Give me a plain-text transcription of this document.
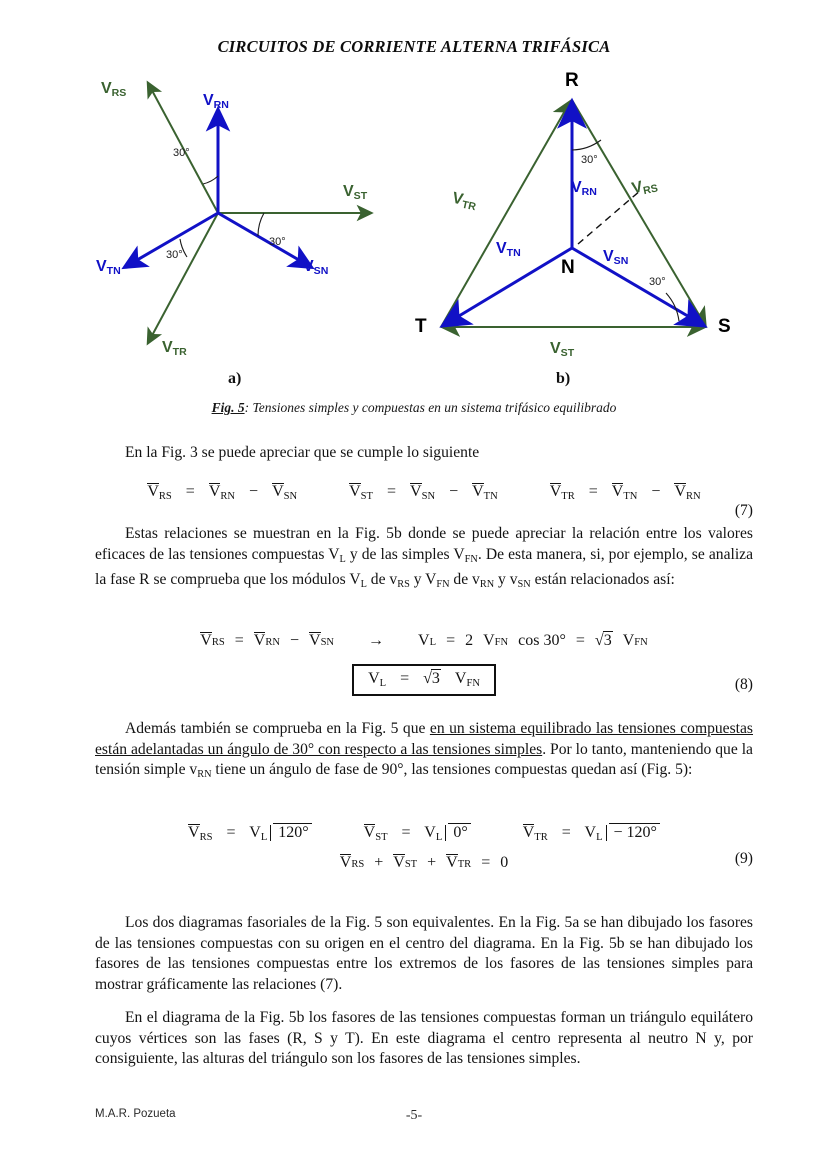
CIRCUITOS DE CORRIENTE ALTERNA TRIFÁSICA
30°
30°
30°
30°
30°
$V_{RS}$	$V_{RN}$
$V_{ST}$
$V_{SN}$
$V_{TN}$
$V_{TR}$
R
S
T
N
$V_{RS}$
$V_{ST}$
$V_{TR}$
$V_{RN}$
$V_{SN}$
$V_{TN}$
a)	b)
Fig. 5: Tensiones simples y compuestas en un sistema trifásico equilibrado
En la Fig. 3 se puede apreciar que se cumple lo siguiente
$V_{RS} = V_{RN} - V_{SN}$	$V_{ST} = V_{SN} - V_{TN}$	$V_{TR} = V_{TN} - V_{RN}$
(7)
Estas relaciones se muestran en la Fig. 5b donde se puede apreciar la relación entre los valores eficaces de las tensiones compuestas $V_L$ y de las simples $V_{FN}$. De esta manera, si, por ejemplo, se analiza la fase R se comprueba que los módulos $V_L$ de $v_{RS}$ y $V_{FN}$ de $v_{RN}$ y $v_{SN}$ están relacionados así:
V RS = V RN − V SN → V L = 2 V FN cos 30° = √3 V FN
$V_L = √3$ $V_{FN}$	(8)
Además también se comprueba en la Fig. 5 que en un sistema equilibrado las tensiones compuestas están adelantadas un ángulo de 30° con respecto a las tensiones simples. Por lo tanto, manteniendo que la tensión simple $v_{RN}$ tiene un ángulo de fase de 90°, las tensiones compuestas quedan así (Fig. 5):
$V_{RS} = V_L$ 120°	$V_{ST} = V_L$ 0°	$V_{TR} = V_L - 120^\circ$
V RS + V ST + V TR = 0	(9)
Los dos diagramas fasoriales de la Fig. 5 son equivalentes. En la Fig. 5a se han dibujado los fasores de las tensiones compuestas con su origen en el centro del diagrama. En la Fig. 5b se han dibujado los fasores de las tensiones compuestas entre los extremos de los fasores de las tensiones simples para mostrar gráficamente las relaciones (7).
En el diagrama de la Fig. 5b los fasores de las tensiones compuestas forman un triángulo equilátero cuyos vértices son las fases (R, S y T). En este diagrama el centro representa al neutro N y, por consiguiente, las alturas del triángulo son los fasores de las tensiones simples.
M.A.R. Pozueta	-5-
